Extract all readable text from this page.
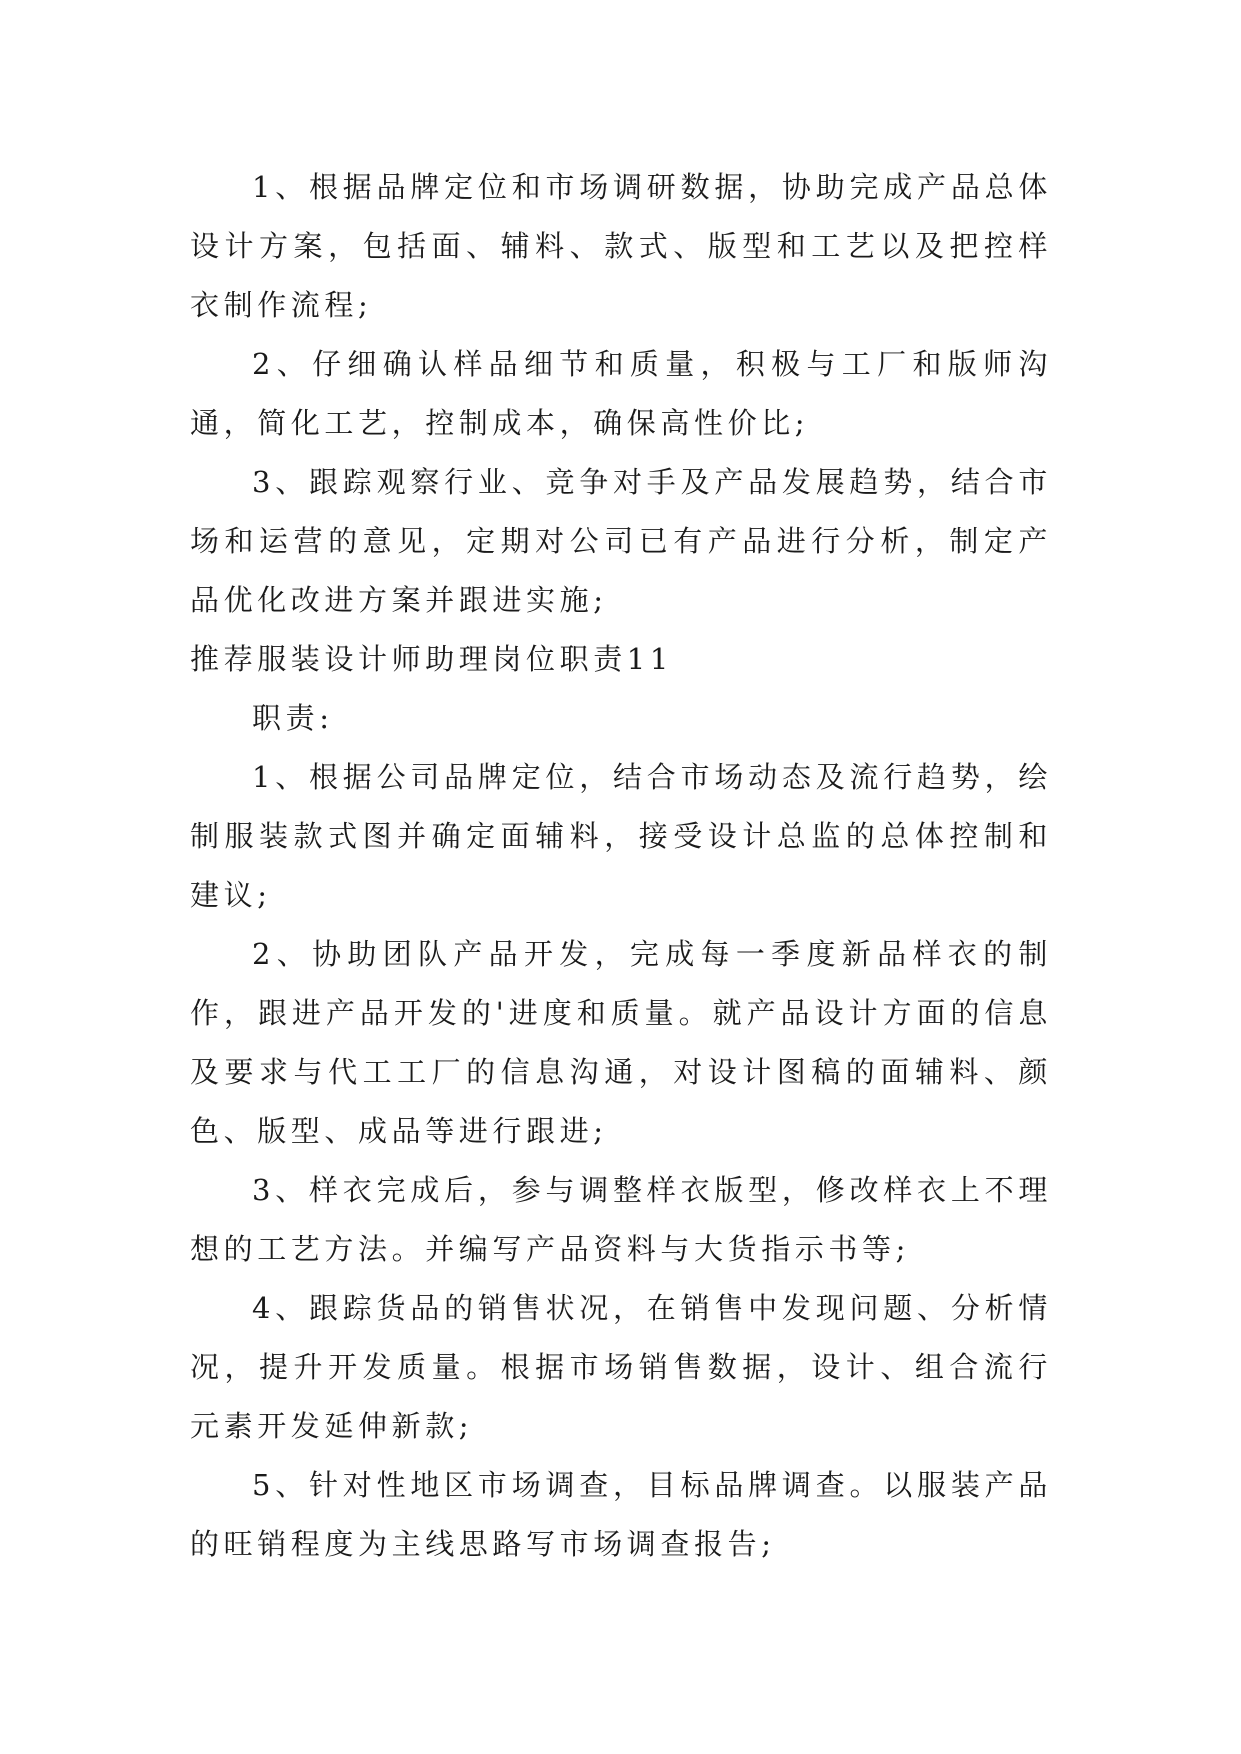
1、根据品牌定位和市场调研数据，协助完成产品总体设计方案，包括面、辅料、款式、版型和工艺以及把控样衣制作流程;

2、仔细确认样品细节和质量，积极与工厂和版师沟通，简化工艺，控制成本，确保高性价比;

3、跟踪观察行业、竞争对手及产品发展趋势，结合市场和运营的意见，定期对公司已有产品进行分析，制定产品优化改进方案并跟进实施;

推荐服装设计师助理岗位职责11

职责:

1、根据公司品牌定位，结合市场动态及流行趋势，绘制服装款式图并确定面辅料，接受设计总监的总体控制和建议;

2、协助团队产品开发，完成每一季度新品样衣的制作，跟进产品开发的'进度和质量。就产品设计方面的信息及要求与代工工厂的信息沟通，对设计图稿的面辅料、颜色、版型、成品等进行跟进;

3、样衣完成后，参与调整样衣版型，修改样衣上不理想的工艺方法。并编写产品资料与大货指示书等;

4、跟踪货品的销售状况，在销售中发现问题、分析情况，提升开发质量。根据市场销售数据，设计、组合流行元素开发延伸新款;

5、针对性地区市场调查，目标品牌调查。以服装产品的旺销程度为主线思路写市场调查报告;
